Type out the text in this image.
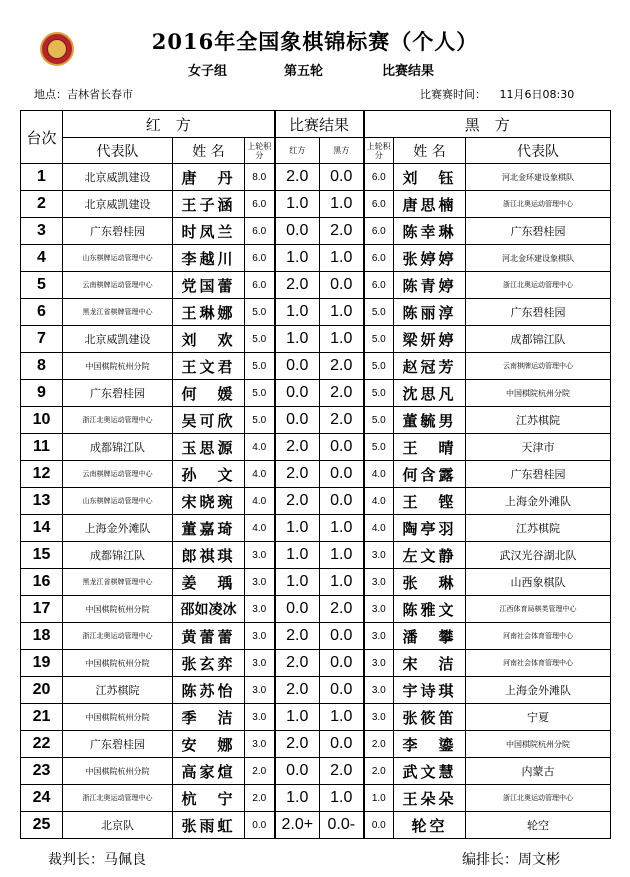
2016年全国象棋锦标赛（个人）
女子组	第五轮	比赛结果
地点：吉林省长春市	比赛赛时间： 11月6日08:30
台次	红　方			比赛结果		黑　方		
	代表队	姓 名	上轮积分	红方	黑方	上轮积分	姓 名	代表队
1	北京威凯建设	唐　丹	8.0	2.0	0.0	6.0	刘　钰	河北金环建设象棋队
2	北京威凯建设	王子涵	6.0	1.0	1.0	6.0	唐思楠	浙江北奥运动管理中心
3	广东碧桂园	时凤兰	6.0	0.0	2.0	6.0	陈幸琳	广东碧桂园
4	山东棋牌运动管理中心	李越川	6.0	1.0	1.0	6.0	张婷婷	河北金环建设象棋队
5	云南棋牌运动管理中心	党国蕾	6.0	2.0	0.0	6.0	陈青婷	浙江北奥运动管理中心
6	黑龙江省棋牌管理中心	王琳娜	5.0	1.0	1.0	5.0	陈丽淳	广东碧桂园
7	北京威凯建设	刘　欢	5.0	1.0	1.0	5.0	梁妍婷	成都锦江队
8	中国棋院杭州分院	王文君	5.0	0.0	2.0	5.0	赵冠芳	云南棋牌运动管理中心
9	广东碧桂园	何　媛	5.0	0.0	2.0	5.0	沈思凡	中国棋院杭州分院
10	浙江北奥运动管理中心	吴可欣	5.0	0.0	2.0	5.0	董毓男	江苏棋院
11	成都锦江队	玉思源	4.0	2.0	0.0	5.0	王　晴	天津市
12	云南棋牌运动管理中心	孙　文	4.0	2.0	0.0	4.0	何含露	广东碧桂园
13	山东棋牌运动管理中心	宋晓琬	4.0	2.0	0.0	4.0	王　铿	上海金外滩队
14	上海金外滩队	董嘉琦	4.0	1.0	1.0	4.0	陶亭羽	江苏棋院
15	成都锦江队	郎祺琪	3.0	1.0	1.0	3.0	左文静	武汉光谷湖北队
16	黑龙江省棋牌管理中心	姜　瑀	3.0	1.0	1.0	3.0	张　琳	山西象棋队
17	中国棋院杭州分院	邵如凌冰	3.0	0.0	2.0	3.0	陈雅文	江西体育局棋类管理中心
18	浙江北奥运动管理中心	黄蕾蕾	3.0	2.0	0.0	3.0	潘　攀	河南社会体育管理中心
19	中国棋院杭州分院	张玄弈	3.0	2.0	0.0	3.0	宋　洁	河南社会体育管理中心
20	江苏棋院	陈苏怡	3.0	2.0	0.0	3.0	宇诗琪	上海金外滩队
21	中国棋院杭州分院	季　洁	3.0	1.0	1.0	3.0	张筱笛	宁夏
22	广东碧桂园	安　娜	3.0	2.0	0.0	2.0	李　鎏	中国棋院杭州分院
23	中国棋院杭州分院	高家煊	2.0	0.0	2.0	2.0	武文慧	内蒙古
24	浙江北奥运动管理中心	杭　宁	2.0	1.0	1.0	1.0	王朵朵	浙江北奥运动管理中心
25	北京队	张雨虹	0.0	2.0+	0.0-	0.0	轮空	轮空
裁判长：马佩良	编排长：周文彬
